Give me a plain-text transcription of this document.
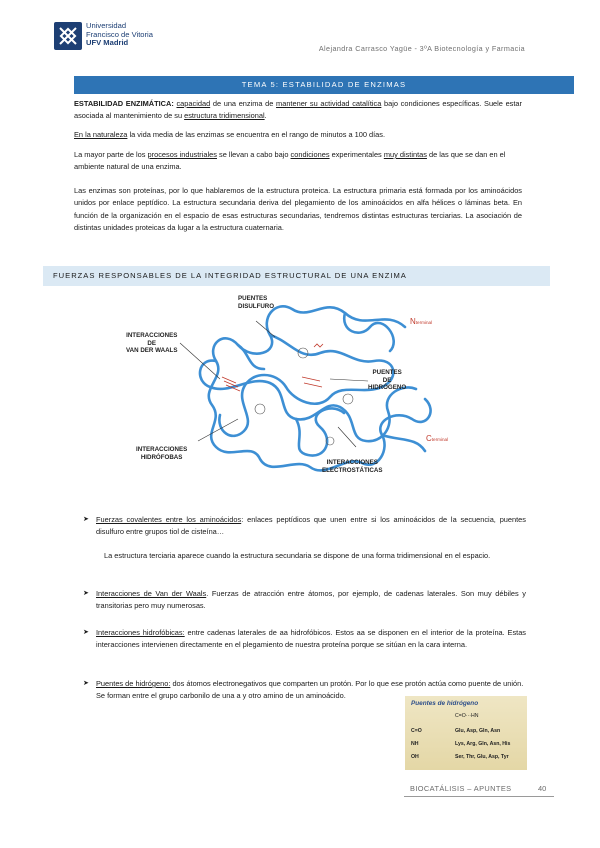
Universidad
Francisco de Vitoria
UFV Madrid
Alejandra Carrasco Yagüe - 3ºA Biotecnología y Farmacia
TEMA 5: ESTABILIDAD DE ENZIMAS
ESTABILIDAD ENZIMÁTICA: capacidad de una enzima de mantener su actividad catalítica bajo condiciones específicas. Suele estar asociada al mantenimiento de su estructura tridimensional.
En la naturaleza la vida media de las enzimas se encuentra en el rango de minutos a 100 días.
La mayor parte de los procesos industriales se llevan a cabo bajo condiciones experimentales muy distintas de las que se dan en el ambiente natural de una enzima.
Las enzimas son proteínas, por lo que hablaremos de la estructura proteica. La estructura primaria está formada por los aminoácidos unidos por enlace peptídico. La estructura secundaria deriva del plegamiento de los aminoácidos en alfa hélices o láminas beta. En función de la organización en el espacio de esas estructuras secundarias, tendremos distintas estructuras terciarias. La asociación de distintas unidades proteicas da lugar a la estructura cuaternaria.
FUERZAS RESPONSABLES DE LA INTEGRIDAD ESTRUCTURAL DE UNA ENZIMA
PUENTES
DISULFURO
INTERACCIONES
DE
VAN DER WAALS
PUENTES
DE
HIDRÓGENO
INTERACCIONES
HIDRÓFOBAS
INTERACCIONES
ELECTROSTÁTICAS
Nterminal
Cterminal
➤ Fuerzas covalentes entre los aminoácidos: enlaces peptídicos que unen entre si los aminoácidos de la secuencia, puentes disulfuro entre grupos tiol de cisteína…
La estructura terciaria aparece cuando la estructura secundaria se dispone de una forma tridimensional en el espacio.
➤ Interacciones de Van der Waals. Fuerzas de atracción entre átomos, por ejemplo, de cadenas laterales. Son muy débiles y transitorias pero muy numerosas.
➤ Interacciones hidrofóbicas: entre cadenas laterales de aa hidrofóbicos. Estos aa se disponen en el interior de la proteína. Estas interacciones intervienen directamente en el plegamiento de nuestra proteína porque se sitúan en la cara interna.
➤ Puentes de hidrógeno: dos átomos electronegativos que comparten un protón. Por lo que ese protón actúa como puente de unión. Se forman entre el grupo carbonilo de una a y otro amino de un aminoácido.
Puentes de hidrógeno
C=O···HN
C=O	Glu, Asp, Gln, Asn
NH	Lys, Arg, Gln, Asn, His
OH	Ser, Thr, Glu, Asp, Tyr
BIOCATÁLISIS – APUNTES	40
